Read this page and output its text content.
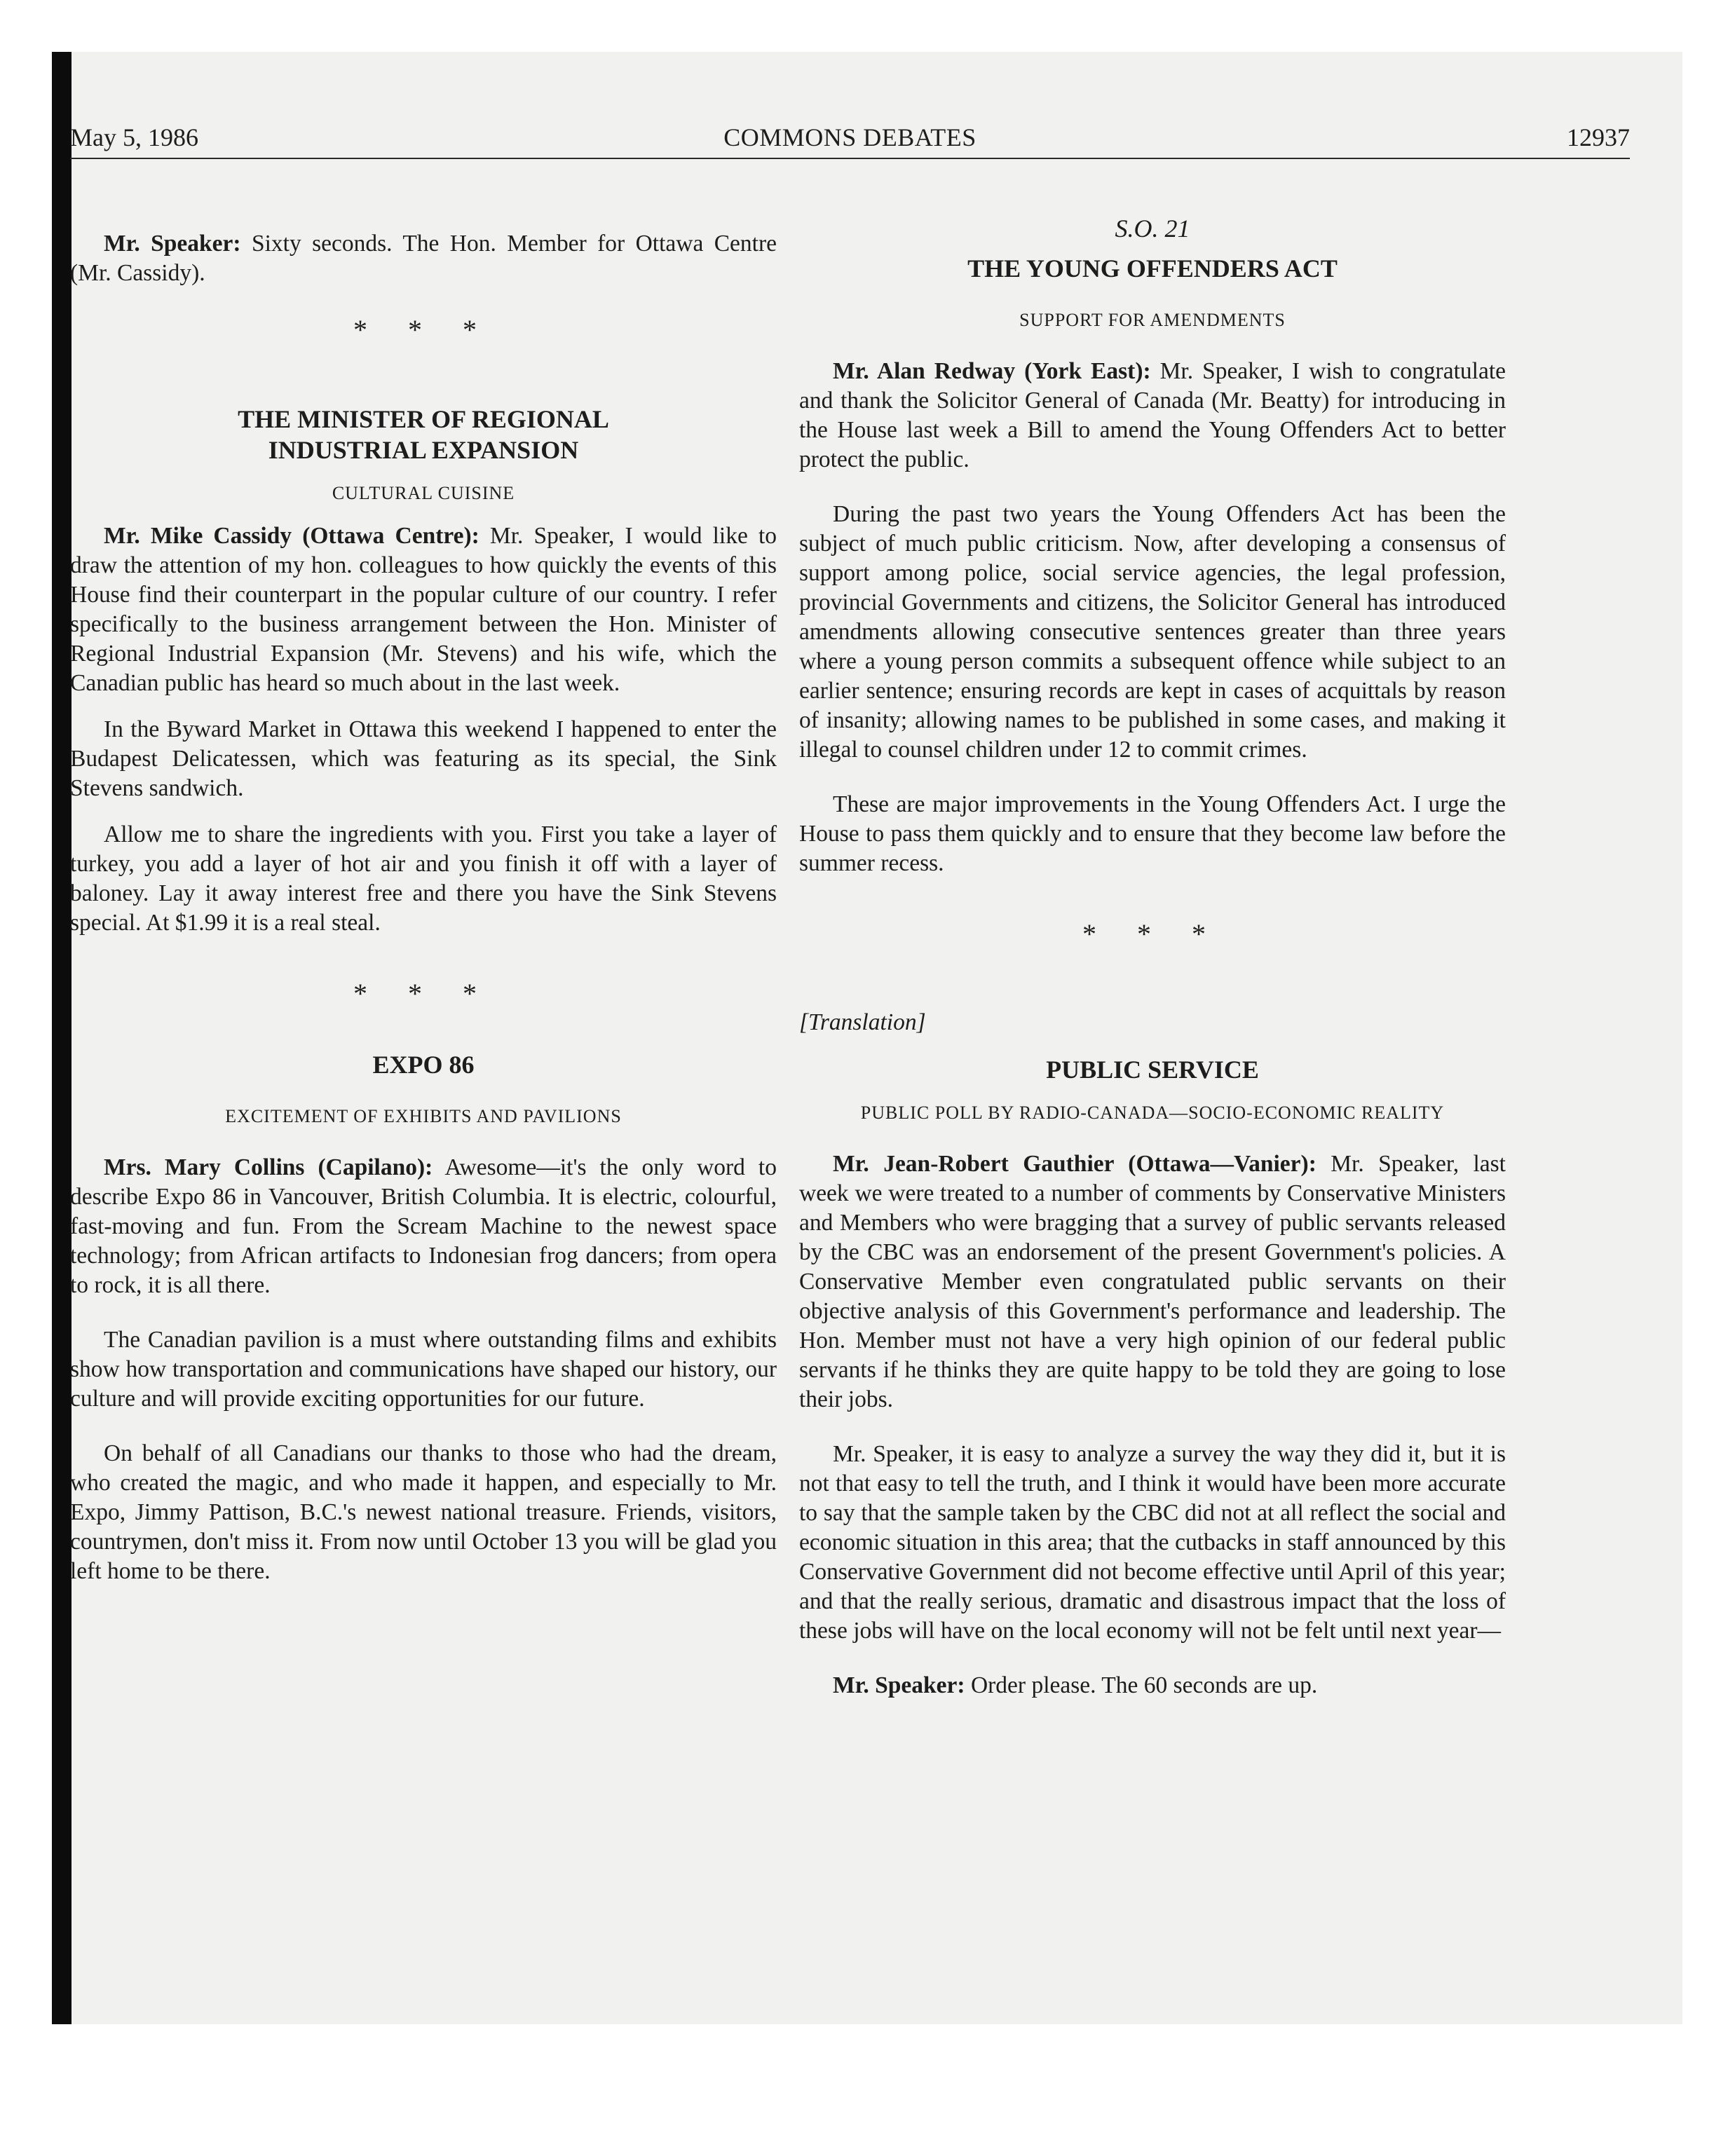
May 5, 1986	COMMONS DEBATES	12937

Mr. Speaker: Sixty seconds. The Hon. Member for Ottawa Centre (Mr. Cassidy).

* * *
THE MINISTER OF REGIONAL INDUSTRIAL EXPANSION
CULTURAL CUISINE

Mr. Mike Cassidy (Ottawa Centre): Mr. Speaker, I would like to draw the attention of my hon. colleagues to how quickly the events of this House find their counterpart in the popular culture of our country. I refer specifically to the business arrangement between the Hon. Minister of Regional Industrial Expansion (Mr. Stevens) and his wife, which the Canadian public has heard so much about in the last week.

In the Byward Market in Ottawa this weekend I happened to enter the Budapest Delicatessen, which was featuring as its special, the Sink Stevens sandwich.

Allow me to share the ingredients with you. First you take a layer of turkey, you add a layer of hot air and you finish it off with a layer of baloney. Lay it away interest free and there you have the Sink Stevens special. At $1.99 it is a real steal.

* * *
EXPO 86
EXCITEMENT OF EXHIBITS AND PAVILIONS

Mrs. Mary Collins (Capilano): Awesome—it's the only word to describe Expo 86 in Vancouver, British Columbia. It is electric, colourful, fast-moving and fun. From the Scream Machine to the newest space technology; from African artifacts to Indonesian frog dancers; from opera to rock, it is all there.

The Canadian pavilion is a must where outstanding films and exhibits show how transportation and communications have shaped our history, our culture and will provide exciting opportunities for our future.

On behalf of all Canadians our thanks to those who had the dream, who created the magic, and who made it happen, and especially to Mr. Expo, Jimmy Pattison, B.C.'s newest national treasure. Friends, visitors, countrymen, don't miss it. From now until October 13 you will be glad you left home to be there.

S.O. 21
THE YOUNG OFFENDERS ACT
SUPPORT FOR AMENDMENTS

Mr. Alan Redway (York East): Mr. Speaker, I wish to congratulate and thank the Solicitor General of Canada (Mr. Beatty) for introducing in the House last week a Bill to amend the Young Offenders Act to better protect the public.

During the past two years the Young Offenders Act has been the subject of much public criticism. Now, after developing a consensus of support among police, social service agencies, the legal profession, provincial Governments and citizens, the Solicitor General has introduced amendments allowing consecutive sentences greater than three years where a young person commits a subsequent offence while subject to an earlier sentence; ensuring records are kept in cases of acquittals by reason of insanity; allowing names to be published in some cases, and making it illegal to counsel children under 12 to commit crimes.

These are major improvements in the Young Offenders Act. I urge the House to pass them quickly and to ensure that they become law before the summer recess.

* * *

[Translation]

PUBLIC SERVICE
PUBLIC POLL BY RADIO-CANADA—SOCIO-ECONOMIC REALITY

Mr. Jean-Robert Gauthier (Ottawa—Vanier): Mr. Speaker, last week we were treated to a number of comments by Conservative Ministers and Members who were bragging that a survey of public servants released by the CBC was an endorsement of the present Government's policies. A Conservative Member even congratulated public servants on their objective analysis of this Government's performance and leadership. The Hon. Member must not have a very high opinion of our federal public servants if he thinks they are quite happy to be told they are going to lose their jobs.

Mr. Speaker, it is easy to analyze a survey the way they did it, but it is not that easy to tell the truth, and I think it would have been more accurate to say that the sample taken by the CBC did not at all reflect the social and economic situation in this area; that the cutbacks in staff announced by this Conservative Government did not become effective until April of this year; and that the really serious, dramatic and disastrous impact that the loss of these jobs will have on the local economy will not be felt until next year—

Mr. Speaker: Order please. The 60 seconds are up.
